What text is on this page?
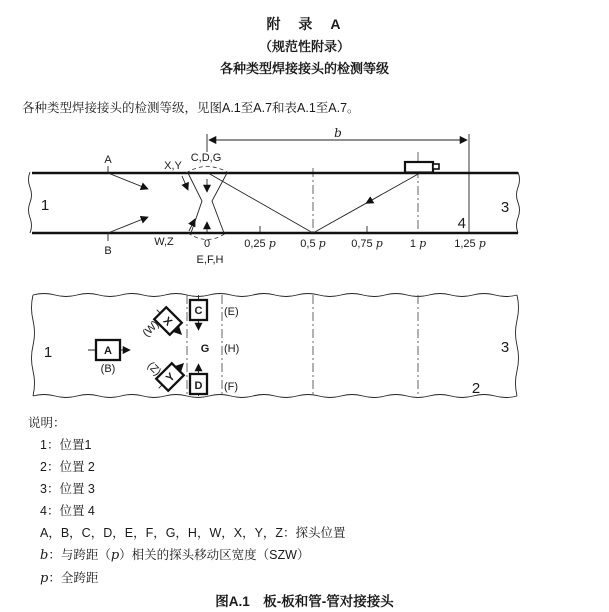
附　录　A
（规范性附录）
各种类型焊接接头的检测等级
各种类型焊接接头的检测等级，见图A.1至A.7和表A.1至A.7。
b
A
B
X,Y
C,D,G
W,Z
E,F,H
0	0,25 p 0,5 p 0,75 p 1 p	1,25 p
1	3
4
A
(B)
X
(W)
Y
(Z)
C (E)
G (H)
D (F)
1	3
2
说明：
1：位置1
2：位置 2
3：位置 3
4：位置 4
A，B，C，D，E，F，G，H，W，X，Y，Z：探头位置
b：与跨距（p）相关的探头移动区宽度（SZW）
p：全跨距
图A.1　板-板和管-管对接接头
